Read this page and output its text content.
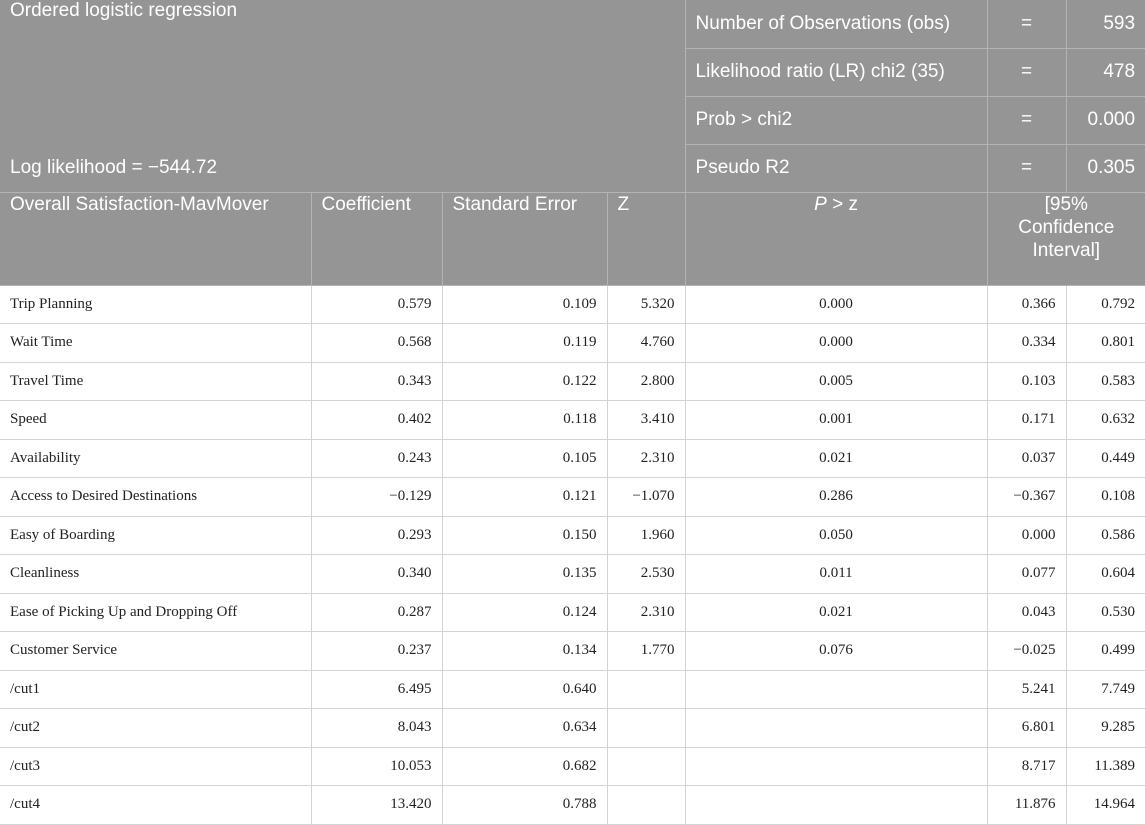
Ordered logistic regression				Number of Observations (obs)	=	593
				Likelihood ratio (LR) chi2 (35)	=	478
				Prob > chi2	=	0.000
Log likelihood = −544.72				Pseudo R2	=	0.305
Overall Satisfaction-MavMover	Coefficient	Standard Error	Z	P > z	[95% Confidence Interval]	
Trip Planning	0.579	0.109	5.320	0.000	0.366	0.792
Wait Time	0.568	0.119	4.760	0.000	0.334	0.801
Travel Time	0.343	0.122	2.800	0.005	0.103	0.583
Speed	0.402	0.118	3.410	0.001	0.171	0.632
Availability	0.243	0.105	2.310	0.021	0.037	0.449
Access to Desired Destinations	−0.129	0.121	−1.070	0.286	−0.367	0.108
Easy of Boarding	0.293	0.150	1.960	0.050	0.000	0.586
Cleanliness	0.340	0.135	2.530	0.011	0.077	0.604
Ease of Picking Up and Dropping Off	0.287	0.124	2.310	0.021	0.043	0.530
Customer Service	0.237	0.134	1.770	0.076	−0.025	0.499
/cut1	6.495	0.640			5.241	7.749
/cut2	8.043	0.634			6.801	9.285
/cut3	10.053	0.682			8.717	11.389
/cut4	13.420	0.788			11.876	14.964
